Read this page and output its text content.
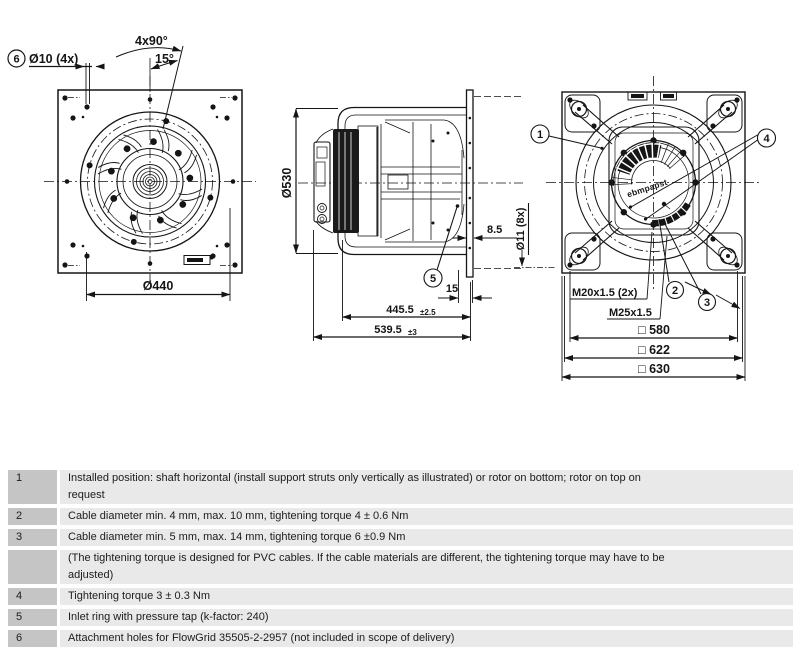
4x90°
15°
6 Ø10 (4x)
Ø440
Ø530
8.5
5
15
445.5 ±2.5
539.5 ±3
1	4
2
3
ebmpapst
Ø11 (8x)
M20x1.5 (2x)
M25x1.5
□ 580
□ 622
□ 630
1	Installed position: shaft horizontal (install support struts only vertically as illustrated) or rotor on bottom; rotor on top on request
2	Cable diameter min. 4 mm, max. 10 mm, tightening torque 4 ± 0.6 Nm
3	Cable diameter min. 5 mm, max. 14 mm, tightening torque 6 ±0.9 Nm
(The tightening torque is designed for PVC cables. If the cable materials are different, the tightening torque may have to be adjusted)
4	Tightening torque 3 ± 0.3 Nm
5	Inlet ring with pressure tap (k-factor: 240)
6	Attachment holes for FlowGrid 35505-2-2957 (not included in scope of delivery)
